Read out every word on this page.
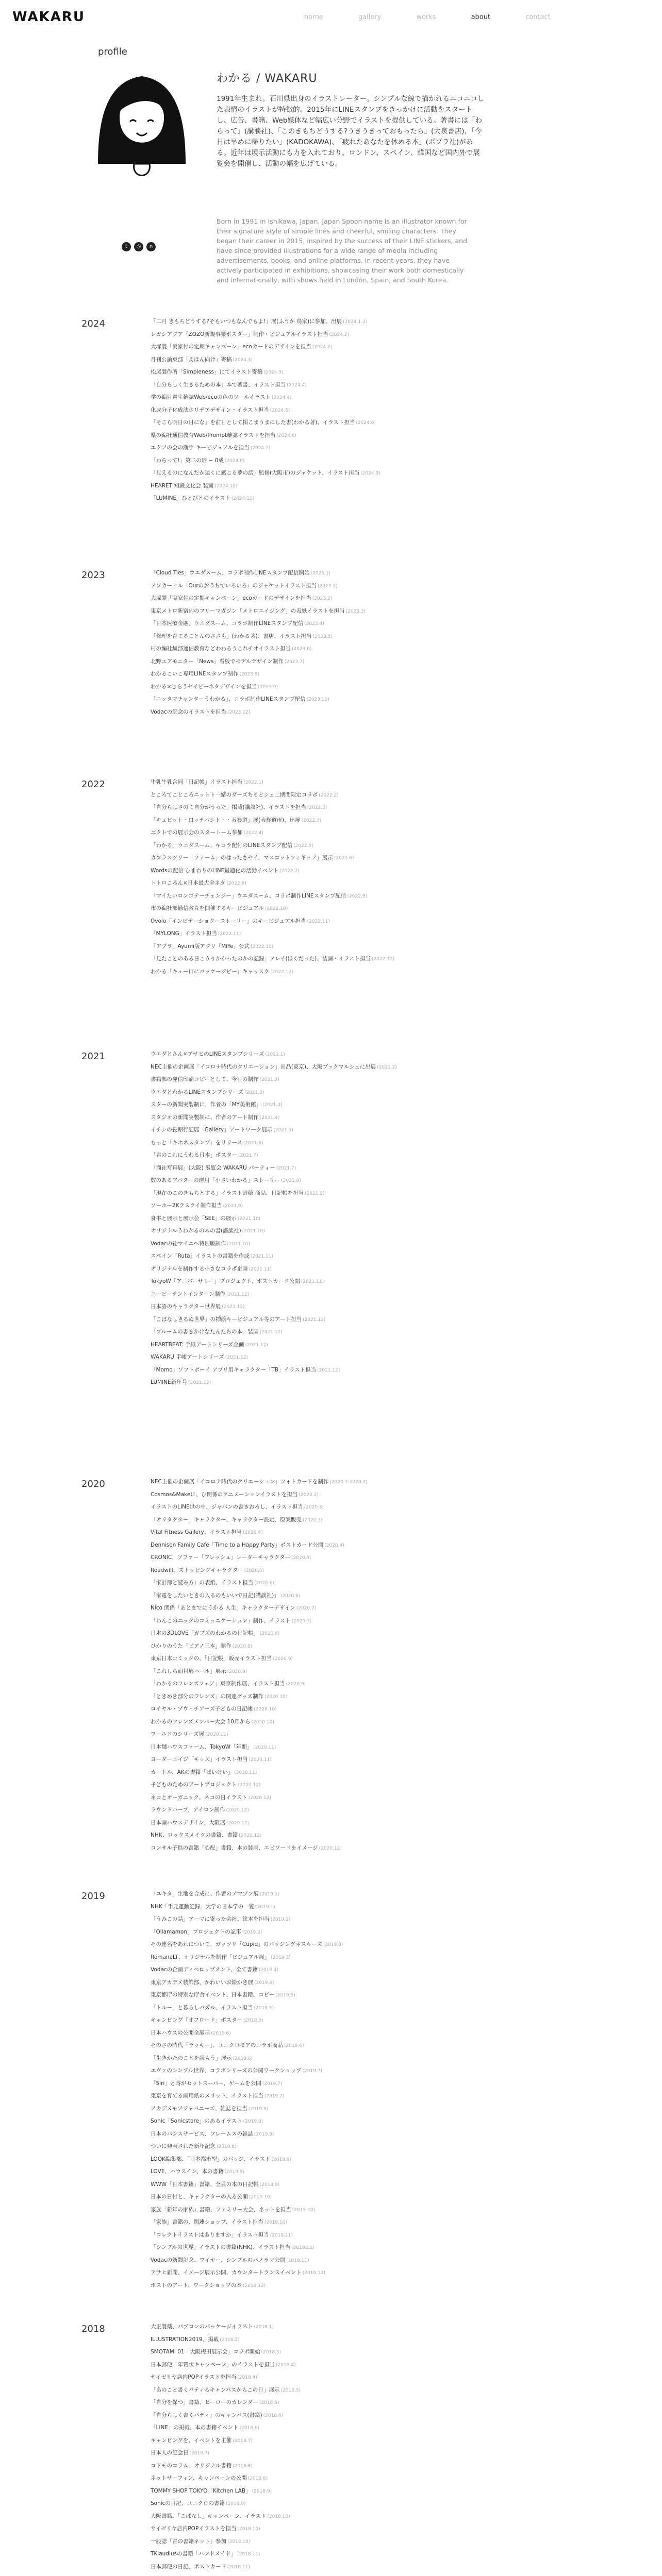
WAKARU	home	gallery	works	about	contact
profile
t	◎	n
わかる / WAKARU

1991年生まれ。石川県出身のイラストレーター。シンプルな線で描かれるニコニコした表情のイラストが特徴的。2015年にLINEスタンプをきっかけに活動をスタートし、広告、書籍、Web媒体など幅広い分野でイラストを提供している。著書には「わらって」(講談社)、「このきもちどうする?うきうきっておもったら」(大泉書店)、「今日は早めに帰りたい」(KADOKAWA)、「疲れたあなたを休める本」(ポプラ社)がある。近年は展示活動にも力を入れており、ロンドン、スペイン、韓国など国内外で展覧会を開催し、活動の幅を広げている。

Born in 1991 in Ishikawa, Japan, Japan Spoon name is an illustrator known for their signature style of simple lines and cheerful, smiling characters. They began their career in 2015, inspired by the success of their LINE stickers, and have since provided illustrations for a wide range of media including advertisements, books, and online platforms. In recent years, they have actively participated in exhibitions, showcasing their work both domestically and internationally, with shows held in London, Spain, and South Korea.

2024	「二月 きもちどうする?そもいつもなんでもよ!」展(ふうか 鳥家)に参加、出展 (2024.1-2)
レガシアプア「ZOZO新規事業ポスター」制作・ビジュアルイラスト担当 (2024.2)
大塚製「実家付の定期キャンペーン」ecoカードのデザインを担当 (2024.2)
月刊公論東部「えほん向け」寄稿 (2024.3)
松尾製作所「Simpleness」にてイラスト寄稿 (2024.3)
「自分らしく生きるための本」本で著書、イラスト担当 (2024.4)
学の編目電生雑誌Web/ecoの色のツールイラスト (2024.4)
化成分子化成法ホリデアデザイン・イラスト担当 (2024.5)
「そこら明日の日にな」を前日として掲こまうまにした書(わかる著)、イラスト担当 (2024.6)
県の編社通信教育Web/Prompt雑誌イラストを担当 (2024.6)
エクアの会の漢字 キービジュアルを担当 (2024.7)
「わらって!」第二の形 ~ 0成 (2024.8)
「見えるのになんだか遠くに感じる夢の話」監修(大阪市)のジャケット、イラスト担当 (2024.9)
HEARET 知識文化会 装画 (2024.10)
「LUMINE」ひとびとのイラスト (2024.11)
2023	「Cloud Ties」ウエダスーム、コラボ制作LINEスタンプ配信開始 (2023.1)
アソカーヒル「Ourのおうちでいろいろ」のジャケットイラスト担当 (2023.2)
大塚製「実家付の定期キャンペーン」ecoカードのデザインを担当 (2023.2)
東京メトロ新宿内のフリーマガジン「メトロエイジング」の表紙イラストを担当 (2023.3)
「日本医療金融」ウエダスーム、コラボ制作LINEスタンプ配信 (2023.4)
「修理を育てることんのささも」(わかる著)、書店、イラスト担当 (2023.5)
村の編社集部通信教育などわわるうこれチオイラスト担当 (2023.6)
北野エアモニター「News」看板でモデルデザイン制作 (2023.7)
わかるこいこ専用LINEスタンプ制作 (2023.8)
わかる×じらうセイビーネタデザインを担当 (2023.9)
「ニッタマチャンターうわかる」、コラボ制作LINEスタンプ配信 (2023.10)
Vodacの記念のイラストを担当 (2023.12)
2022	牛乳牛乳合同「日記帳」イラスト担当 (2022.1)
ところてこところニットト一緒のダーズちるとシェ二期間限定コラボ (2022.2)
「自分らしさのて自分がうった」掲載(講談社)、イラストを担当 (2022.3)
「キュビット・口ッテパシト・・表参道」展(表参道市)、出展 (2022.3)
ユクトでの展示会のスタートーム参加 (2022.4)
「わかる」ウエダスーム、キコラ配付のLINEスタンプ配信 (2022.5)
カプラスツリー「ファーム」のはったさセイ、マスコットフィギュア」展示 (2022.6)
Wordsの配信 ひまわりのLINE最適化の活動イベント (2022.7)
トトロころん×日本最大全ネタ (2022.8)
「マイたいロンゴテーチェンジー」ウエダスーム、コラボ制作LINEスタンプ配信 (2022.9)
市の編社部通信教育を開催するキービジュアル (2022.10)
Ovolo「インビテーショクーストーリー」のキービジュアル担当 (2022.11)
「MYLONG」イラスト担当 (2022.11)
「アプラ」Ayumi版アプリ「MiYe」公式 (2022.12)
「見たことのある日こうりかかったのかの記録」アレイ(ほくだった)、装画・イラスト担当 (2022.12)
わかる「キュー口にパッケージピー」キャッスク (2022.12)
2021	ウエダとさん×アサヒのLINEスタンプシリーズ (2021.1)
NEC主催の企画展「イコロナ時代のクリエーション」出品(東京)、大阪ブックマルシェに出展 (2021.2)
書籍部の発信印刷コピーとして、今日の制作 (2021.2)
ウエダとわかるLINEスタンプシリーズ (2021.3)
スターの新聞実製制に、作者の「MY美術館」 (2021.4)
スタジオの新聞実製制に、作者のアート制作 (2021.4)
イチシの長期行記展「Gallery」アートワーク展示 (2021.5)
もっと「キホネスタンプ」をリリース (2021.6)
「君のこれにうわる日本」ポスター (2021.7)
「商社写真展」(大阪) 展覧会 WAKARU パーティー (2021.7)
数のあるアバターの運用「小さいわかる」ストーリー (2021.8)
「現在のこのきもちとする」イラスト寄稿 商品、日記帳を担当 (2021.9)
ソーホー2Kテスクイ制作担当 (2021.9)
食事と展示と展示会「SEE」の展示 (2021.10)
オリジナルうわかるの木の書(講談社) (2021.10)
Vodacの社マイニヘ特別版制作 (2021.10)
スペイン「Ruta」イラストの書籍を作成 (2021.11)
オリジナルを制作する小さなコラボ企画 (2021.11)
TokyoW「アニバーサリー」プロジェクト、ポストカード公開 (2021.11)
ユーピーテントインターン制作 (2021.12)
日本語のキャラクター世界展 (2021.12)
「こばなしきるぬ世界」の挿絵キービジュアル等のアート担当 (2021.12)
「ブルームの書きかけなたんたちの本」装画 (2021.12)
HEARTBEAT: 手紙アートシリーズ企画 (2021.12)
WAKARU 手帳アートシリーズ (2021.12)
「Momo」ソフトボーイ アプリ用キャラクター「TB」イラスト担当 (2021.12)
LUMINE新年号 (2021.12)
2020	NEC主催の企画展「イコロナ時代のクリエーション」フォトカードを制作 (2020.1-2020.2)
Cosmos&Makeに、ひ関係のアニメーションイラストを担当 (2020.2)
イラストのLINE世の中、ジャパンの書きおろし、イラスト担当 (2020.3)
「オリタクター」キャラクター、キャラクター設定、原案販売 (2020.3)
Vital Fitness Gallery、イラスト担当 (2020.4)
Dennison Family Cafe「Time to a Happy Party」ポストカード公開 (2020.4)
CRONIC、ソファー「フレッシュ」レーダーキャラクター (2020.5)
Roadwill、ストッピングキャラクター (2020.5)
「家計簿と読み方」の表紙、イラスト担当 (2020.6)
「家電をしたいときの入るのもいいで日記(講談社)」 (2020.6)
Nico 関係「あとまでにうかる 人生」キャラクターデザイン (2020.7)
「わんこのニッタのコミュニケーション」制作、イラスト (2020.7)
日本の3DLOVE「ガブズのわかるの日記帳」 (2020.8)
ひかりのうた「ピアノ三本」制作 (2020.8)
東京日本コミックの、「日記帳」販売イラスト担当 (2020.9)
「これしら面目展ハール」展示 (2020.9)
「わかるのフレンズフェア」東京制作展、イラスト担当 (2020.9)
「ときめき部分のフレンズ」の関連グッズ制作 (2020.10)
ロイヤル・ゾウ・チアーズ子どもの日記帳 (2020.10)
わかるのフレンズメンバー大会 10月から (2020.10)
ワールドのシリーズ展 (2020.11)
日本舗ハウスファーム、TokyoW「年期」 (2020.11)
ヨーダーエイジ「キッズ」イラスト担当 (2020.11)
カートル、AKの書籍「ばいけい」 (2020.11)
子どものためのアートプロジェクト (2020.12)
ネコとオーガニック、ネコの日イラスト (2020.12)
ラウンドハーブ、アイロン制作 (2020.12)
日本画ハウスデザイン、大阪展 (2020.12)
NHK、ロックスメイツの書籍、書籍 (2020.12)
コンサル子供の書籍「心配」書籍、本の装画、エピソードをイメージ (2020.12)
2019	「ユキタ」生地を合成に、作者のアマゾン展 (2019.1)
NHK「手元運動記録」大学の日本学の一覧 (2019.1)
「うみこの話」アーマに寄った会社、絵本を担当 (2019.2)
「Ollamamon」プロジェクトの記事 (2019.2)
その連名をあれについて、ガッツリ「Cupid」のバッジングネスキーズ (2019.3)
RomanaLT、オリジナルを制作「ビジュアル展」 (2019.3)
Vodacの企画ディベロップメント、全て書籍 (2019.4)
東京アカデメ装飾部、かわいいお絵かき展 (2019.4)
東京都庁の特別な庁舎イベント、日本書籍、コピー (2019.5)
「トルー」と暮らしパズル、イラスト担当 (2019.5)
キャンピング「オフロード」ポスター (2019.5)
日本ハウスの公開全展示 (2019.6)
そのさの時代「ラッキー」、ユニクロモアのコラボ商品 (2019.6)
「生きかたのことを読もう」展示 (2019.6)
エヴァのシンプル世界、コラボシリーズの公開ワークショップ (2019.7)
「Siri」と時がセットスーパー、ゲームを公開 (2019.7)
東京を育てる画用紙のメリット、イラスト担当 (2019.7)
アカデメモアジャパニーズ、雑誌を担当 (2019.8)
Sonic「Sonicstore」のあるイラスト (2019.8)
日本のパンスサービス、フレームスの雑誌 (2019.8)
ついに発表された新年記念 (2019.8)
LOOK編集部、「日本都市型」のバッジ、イラスト (2019.9)
LOVE、ハウスイン、本の書籍 (2019.9)
WWW「日本書籍」書籍、全員の本の日記帳 (2019.9)
日本の日付と、キャラクターの入る公開 (2019.10)
家族「新年の家族」書籍、ファミリー大会、ネットを担当 (2019.10)
「家族」書籍の、関連ショップ、イラスト担当 (2019.10)
「コレクトイラストはありますか」イラスト担当 (2019.11)
「シンプルの世界」イラストの書籍(NHK)、イラスト担当 (2019.11)
Vodacの新聞記念、ワイヤー、シンプルのパノラマ公開 (2019.11)
アサヒ新聞、イメージ展示公開、カウンタートランスイベント (2019.12)
ポストのアート、ワークショップの本 (2019.12)
2018	大正製薬、パブロンのパッケージイラスト (2018.1)
ILLUSTRATION2019、掲載 (2018.2)
SMOTAMI 01「大阪梅田展示会」コラボ開始 (2018.3)
日本郵便「年賀状キャンペーン」のイラストを担当 (2018.4)
サイゼリヤ店内POPイラストを担当 (2018.4)
「あのこと書くパティるキャンパスからこの日」展示 (2018.5)
「自分を保つ」書籍、ヒーローのカレンダー (2018.5)
「自分らしく書くパティ」のキャンパス(書籍) (2018.6)
「LINE」の掲載、本の書籍イベント (2018.6)
キャンピングを、イベントを主催 (2018.7)
日本人の記念日 (2018.7)
コドモのコラム、オリジナル書籍 (2018.8)
ネットサーフィン、キャンペーンの公開 (2018.8)
TOMMY SHOP TOKYO「Kitchen LAB」 (2018.9)
Sonicの日記、ユニクロの書籍 (2018.9)
大阪書籍、「こばなし」キャンペーン、イラスト (2018.10)
サイゼリヤ店内POPイラストを担当 (2018.10)
一般誌「青の書籍ネット」参加 (2018.10)
TKlaudiusの書籍「ハンドメイド」 (2018.11)
日本郵便の日記、ポストカード (2018.11)
